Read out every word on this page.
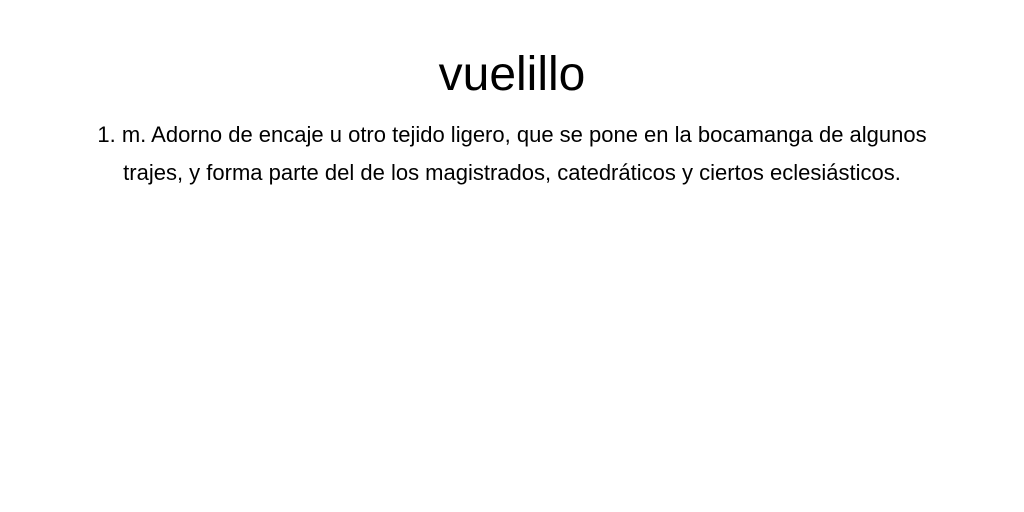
vuelillo

1. m. Adorno de encaje u otro tejido ligero, que se pone en la bocamanga de algunos trajes, y forma parte del de los magistrados, catedráticos y ciertos eclesiásticos.
